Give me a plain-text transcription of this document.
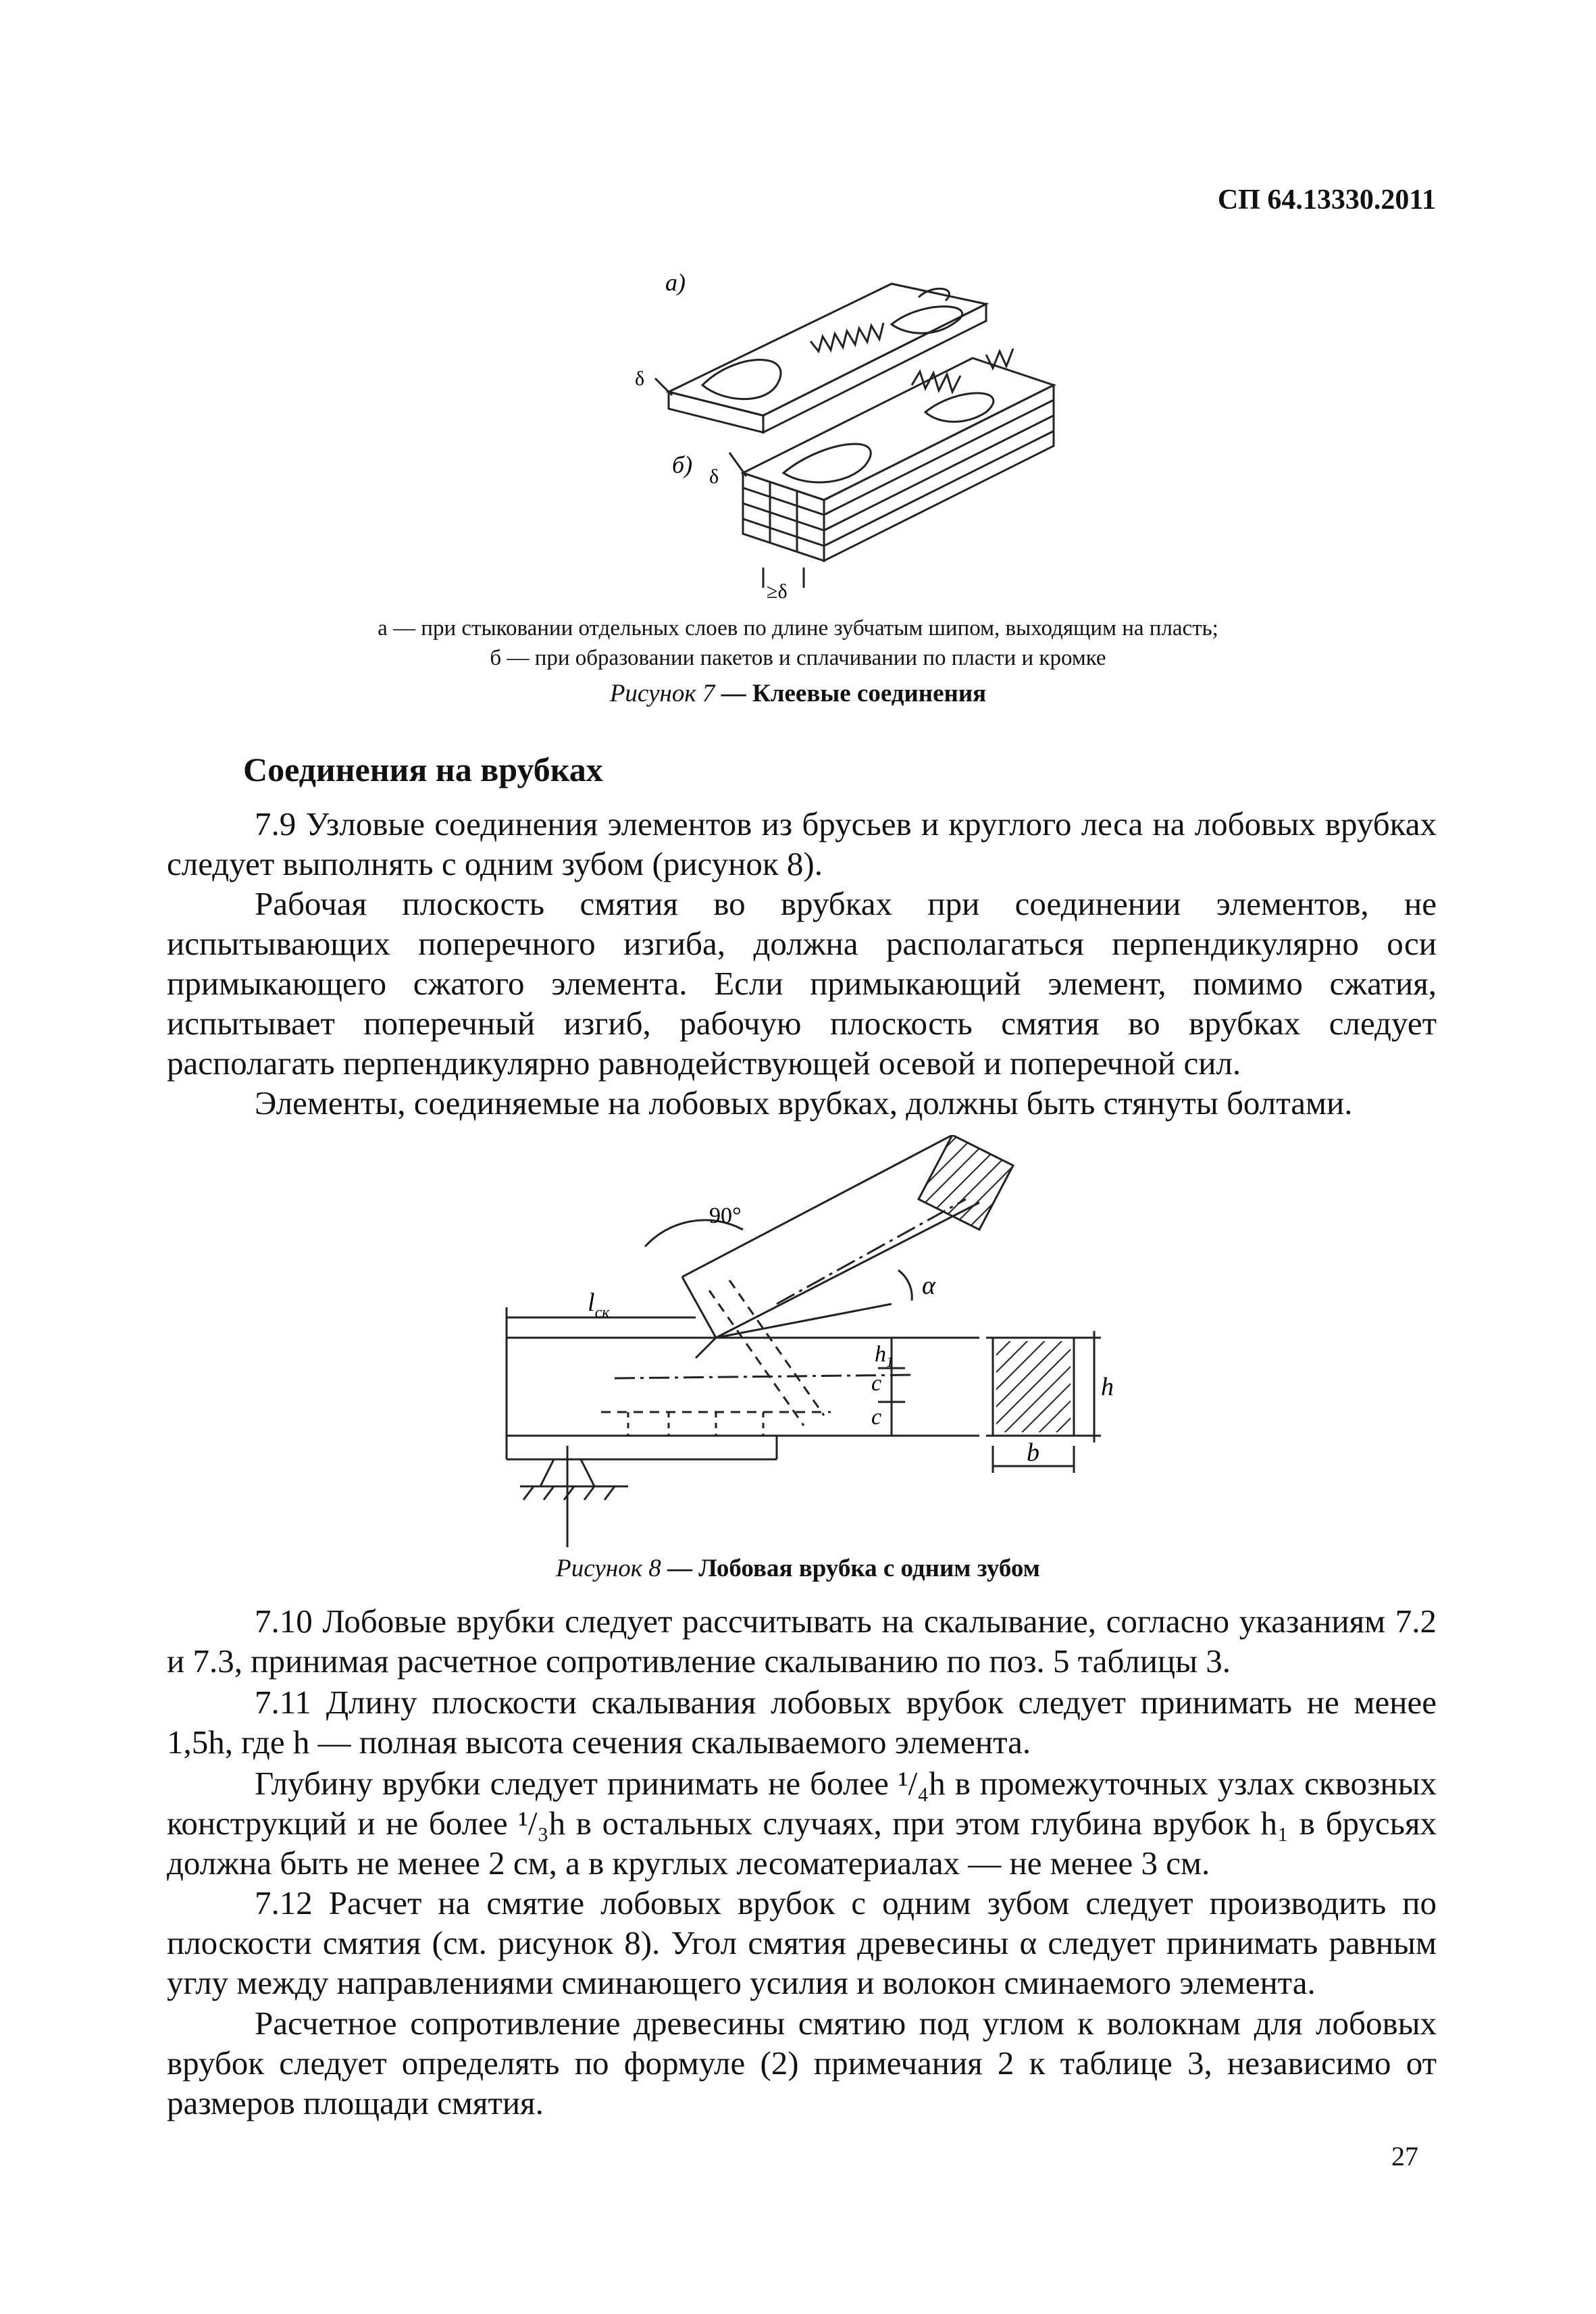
СП 64.13330.2011
а)
б)
δ
δ
≥δ
а — при стыковании отдельных слоев по длине зубчатым шипом, выходящим на пласть;
б — при образовании пакетов и сплачивании по пласти и кромке
Рисунок 7 — Клеевые соединения
Соединения на врубках

7.9 Узловые соединения элементов из брусьев и круглого леса на лобовых врубках следует выполнять с одним зубом (рисунок 8).

Рабочая плоскость смятия во врубках при соединении элементов, не испытывающих поперечного изгиба, должна располагаться перпендикулярно оси примыкающего сжатого элемента. Если примыкающий элемент, помимо сжатия, испытывает поперечный изгиб, рабочую плоскость смятия во врубках следует располагать перпендикулярно равнодействующей осевой и поперечной сил.

Элементы, соединяемые на лобовых врубках, должны быть стянуты болтами.

90°
$l_{ск}$
α
$h_1$
c
c
h
b
Рисунок 8 — Лобовая врубка с одним зубом

7.10 Лобовые врубки следует рассчитывать на скалывание, согласно указаниям 7.2 и 7.3, принимая расчетное сопротивление скалыванию по поз. 5 таблицы 3.

7.11 Длину плоскости скалывания лобовых врубок следует принимать не менее 1,5h, где h — полная высота сечения скалываемого элемента.

Глубину врубки следует принимать не более ¹/₄h в промежуточных узлах сквозных конструкций и не более ¹/₃h в остальных случаях, при этом глубина врубок h₁ в брусьях должна быть не менее 2 см, а в круглых лесоматериалах — не менее 3 см.

7.12 Расчет на смятие лобовых врубок с одним зубом следует производить по плоскости смятия (см. рисунок 8). Угол смятия древесины α следует принимать равным углу между направлениями сминающего усилия и волокон сминаемого элемента.

Расчетное сопротивление древесины смятию под углом к волокнам для лобовых врубок следует определять по формуле (2) примечания 2 к таблице 3, независимо от размеров площади смятия.

27
